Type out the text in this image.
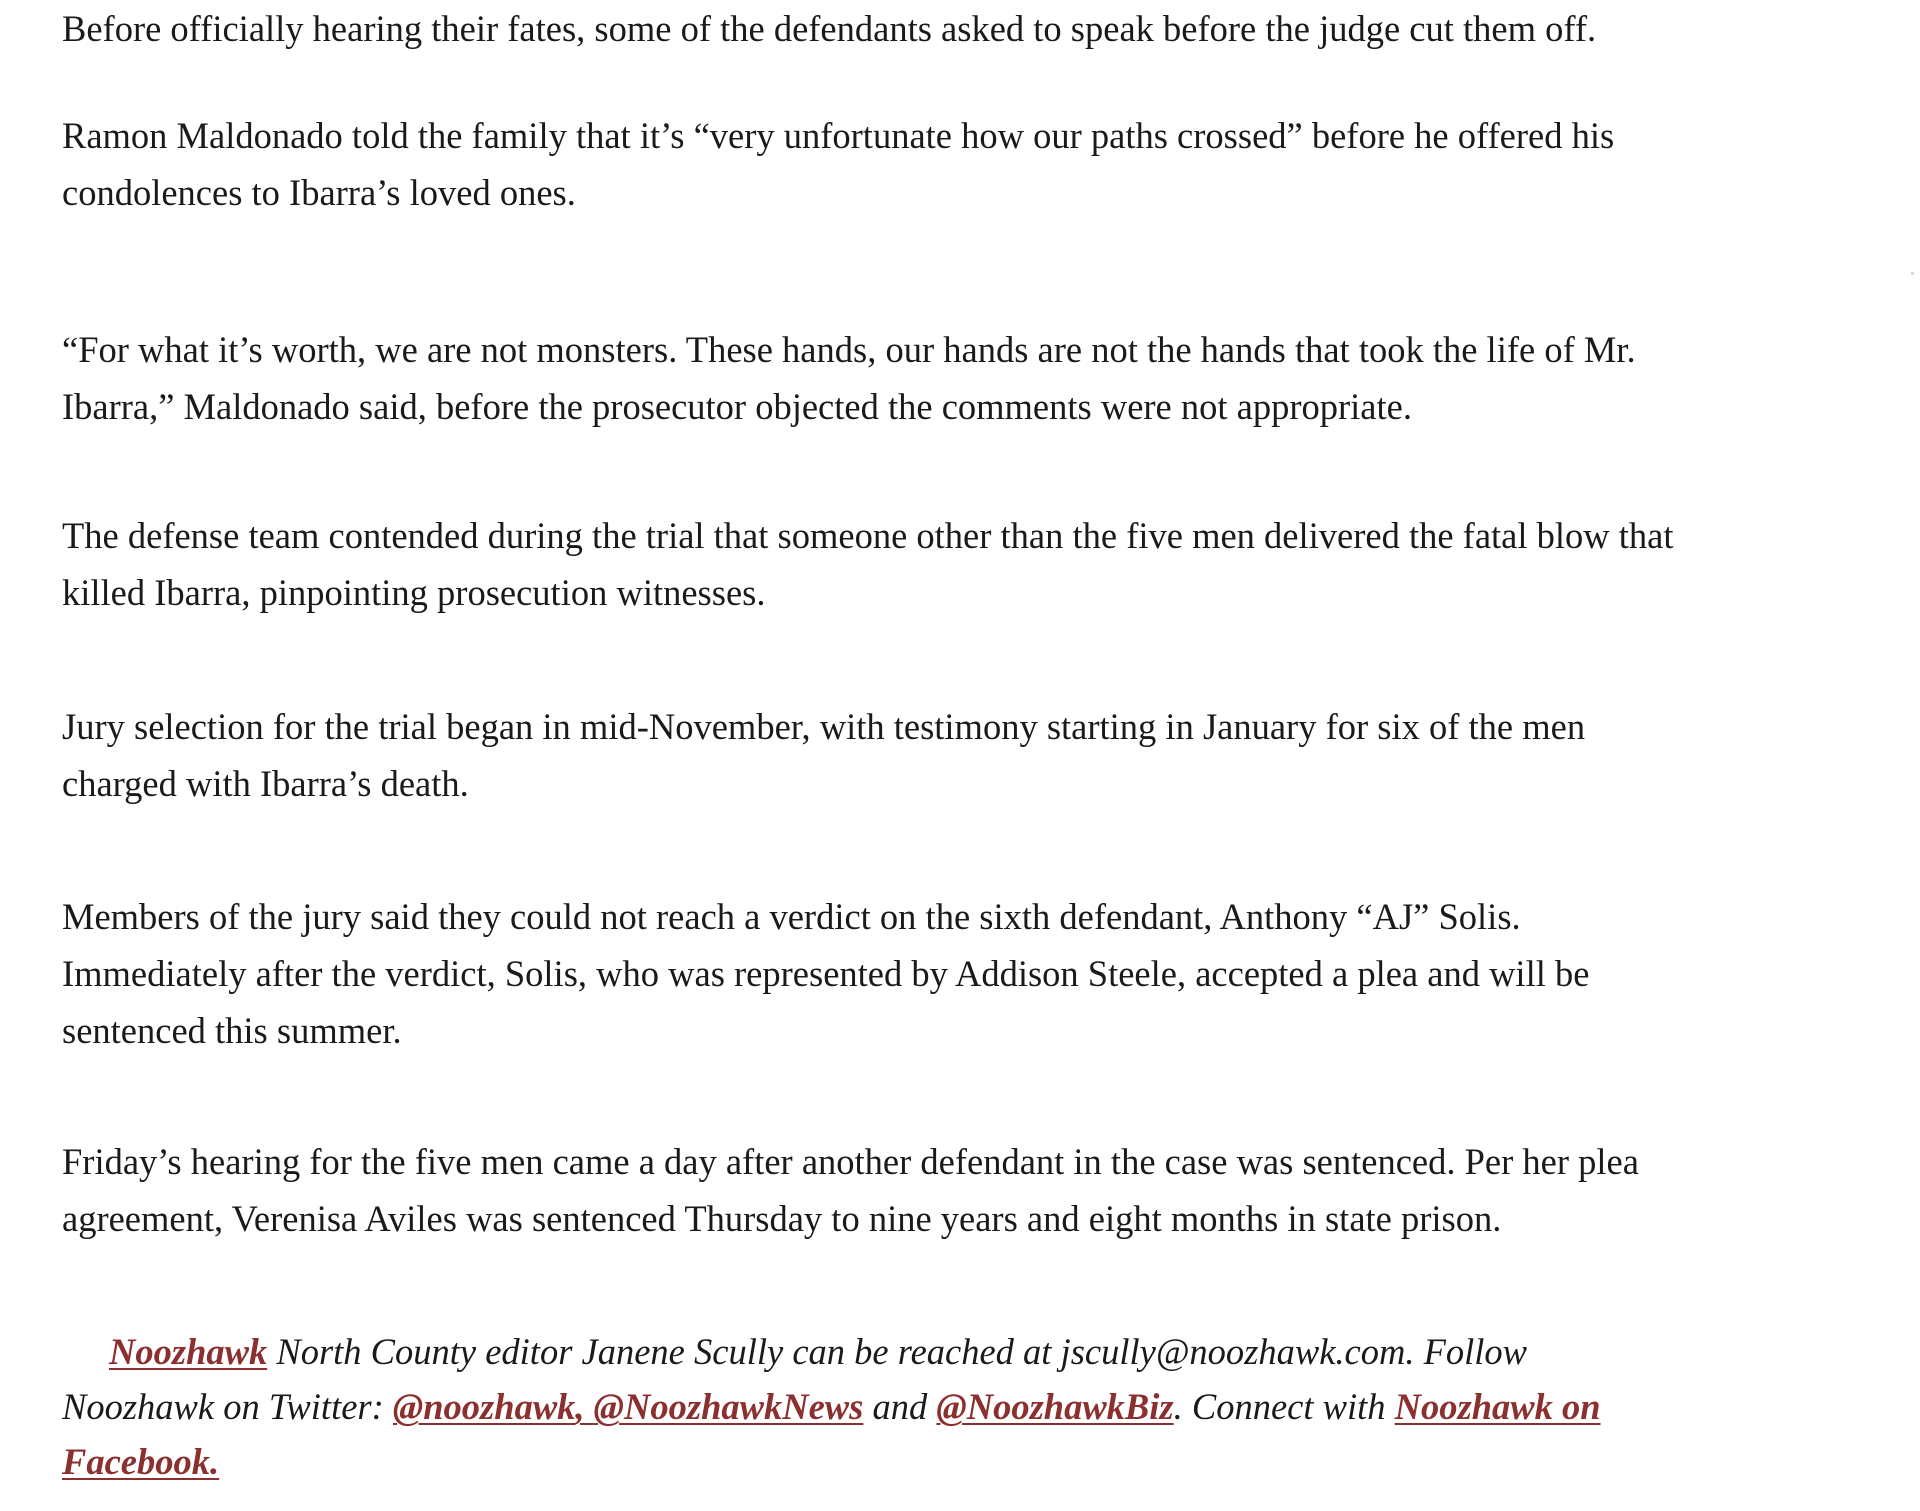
Before officially hearing their fates, some of the defendants asked to speak before the judge cut them off.

Ramon Maldonado told the family that it’s “very unfortunate how our paths crossed” before he offered his
condolences to Ibarra’s loved ones.

“For what it’s worth, we are not monsters. These hands, our hands are not the hands that took the life of Mr.
Ibarra,” Maldonado said, before the prosecutor objected the comments were not appropriate.

The defense team contended during the trial that someone other than the five men delivered the fatal blow that
killed Ibarra, pinpointing prosecution witnesses.

Jury selection for the trial began in mid-November, with testimony starting in January for six of the men
charged with Ibarra’s death.

Members of the jury said they could not reach a verdict on the sixth defendant, Anthony “AJ” Solis.
Immediately after the verdict, Solis, who was represented by Addison Steele, accepted a plea and will be
sentenced this summer.

Friday’s hearing for the five men came a day after another defendant in the case was sentenced. Per her plea
agreement, Verenisa Aviles was sentenced Thursday to nine years and eight months in state prison.

Noozhawk North County editor Janene Scully can be reached at jscully@noozhawk.com. Follow
Noozhawk on Twitter: @noozhawk, @NoozhawkNews and @NoozhawkBiz. Connect with Noozhawk on
Facebook.
